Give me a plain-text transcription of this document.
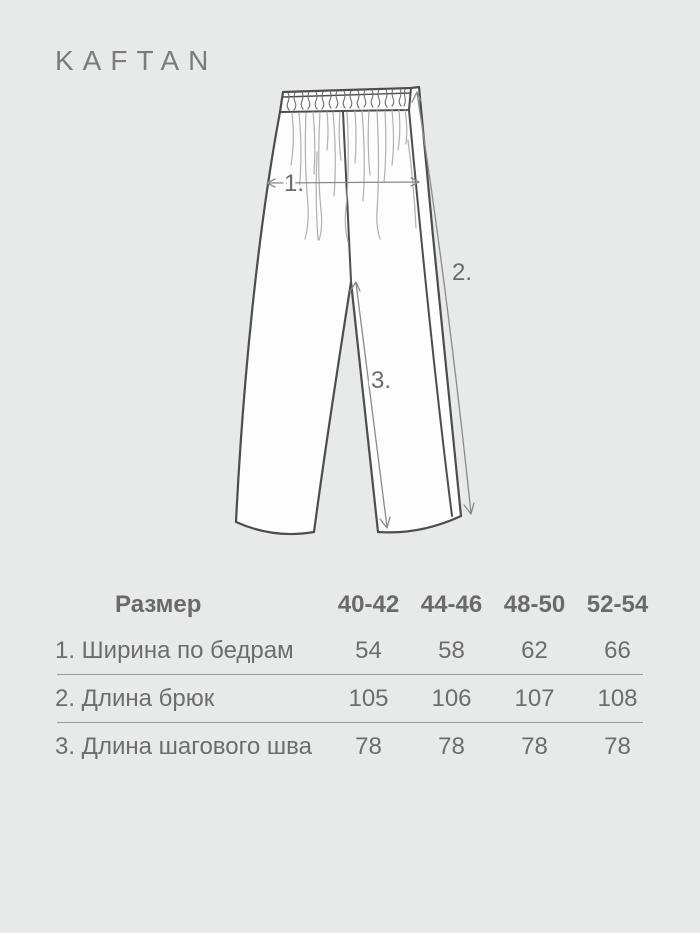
KAFTAN
1.
2.
3.
Размер	40-42 44-46 48-50 52-54
1. Ширина по бедрам	54	58	62	66
2. Длина брюк	105	106	107	108
3. Длина шагового шва	78	78	78	78
